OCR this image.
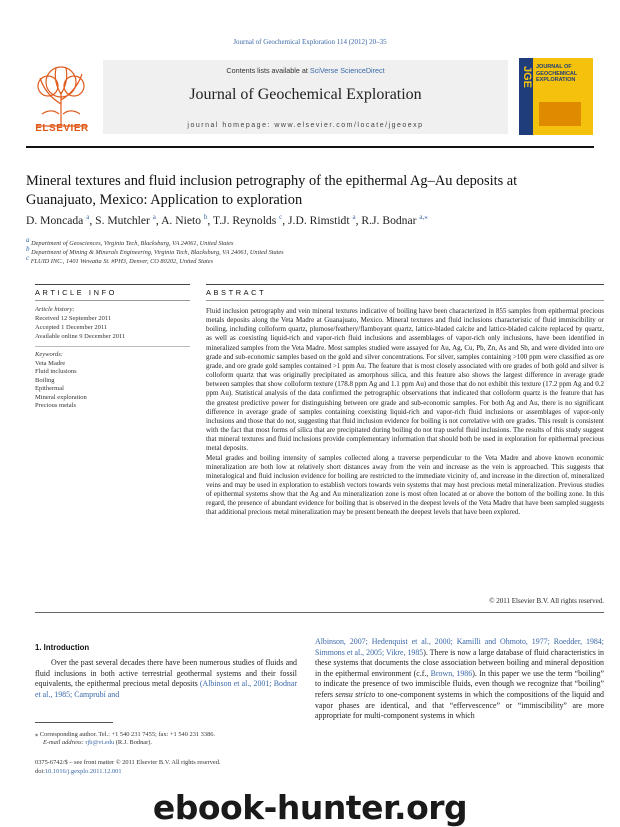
Journal of Geochemical Exploration 114 (2012) 20–35
ELSEVIER
Contents lists available at SciVerse ScienceDirect
Journal of Geochemical Exploration
journal homepage: www.elsevier.com/locate/jgeoexp
JGE JOURNAL OF GEOCHEMICAL EXPLORATION
Mineral textures and fluid inclusion petrography of the epithermal Ag–Au deposits at
Guanajuato, Mexico: Application to exploration
D. Moncada $^a$, S. Mutchler $^a$, A. Nieto $^b$, T.J. Reynolds $^c$, J.D. Rimstidt $^a$, R.J. Bodnar $^{a,⁎}$
$^a$ Department of Geosciences, Virginia Tech, Blacksburg, VA 24061, United States
$^b$ Department of Mining & Minerals Engineering, Virginia Tech, Blacksburg, VA 24061, United States
$^c$ FLUID INC., 1401 Wewatta St. #PH3, Denver, CO 80202, United States
ARTICLE INFO
Article history:
Received 12 September 2011
Accepted 1 December 2011
Available online 9 December 2011
Keywords:
Veta Madre
Fluid inclusions
Boiling
Epithermal
Mineral exploration
Precious metals
ABSTRACT

Fluid inclusion petrography and vein mineral textures indicative of boiling have been characterized in 855 samples from epithermal precious metals deposits along the Veta Madre at Guanajuato, Mexico. Mineral textures and fluid inclusions characteristic of fluid immiscibility or boiling, including colloform quartz, plumose/feathery/flamboyant quartz, lattice-bladed calcite and lattice-bladed calcite replaced by quartz, as well as coexisting liquid-rich and vapor-rich fluid inclusions and assemblages of vapor-rich only inclusions, have been identified in mineralized samples from the Veta Madre. Most samples studied were assayed for Au, Ag, Cu, Pb, Zn, As and Sb, and were divided into ore grade and sub-economic samples based on the gold and silver concentrations. For silver, samples containing >100 ppm were classified as ore grade, and ore grade gold samples contained >1 ppm Au. The feature that is most closely associated with ore grades of both gold and silver is colloform quartz that was originally precipitated as amorphous silica, and this feature also shows the largest difference in average grade between samples that show colloform texture (178.8 ppm Ag and 1.1 ppm Au) and those that do not exhibit this texture (17.2 ppm Ag and 0.2 ppm Au). Statistical analysis of the data confirmed the petrographic observations that indicated that colloform quartz is the feature that has the greatest predictive power for distinguishing between ore grade and sub-economic samples. For both Ag and Au, there is no significant difference in average grade of samples containing coexisting liquid-rich and vapor-rich fluid inclusions or assemblages of vapor-only inclusions and those that do not, suggesting that fluid inclusion evidence for boiling is not correlative with ore grades. This result is consistent with the fact that most forms of silica that are precipitated during boiling do not trap useful fluid inclusions. The results of this study suggest that mineral textures and fluid inclusions provide complementary information that should both be used in exploration for epithermal precious metal deposits.

Metal grades and boiling intensity of samples collected along a traverse perpendicular to the Veta Madre and above known economic mineralization are both low at relatively short distances away from the vein and increase as the vein is approached. This suggests that mineralogical and fluid inclusion evidence for boiling are restricted to the immediate vicinity of, and increase in the direction of, mineralized veins and may be used in exploration to establish vectors towards vein systems that may host precious metal mineralization. Previous studies of epithermal systems show that the Ag and Au mineralization zone is most often located at or above the bottom of the boiling zone. In this regard, the presence of abundant evidence for boiling that is observed in the deepest levels of the Veta Madre that have been sampled suggests that additional precious metal mineralization may be present beneath the deepest levels that have been explored.

© 2011 Elsevier B.V. All rights reserved.
1. Introduction
Over the past several decades there have been numerous studies of fluids and fluid inclusions in both active terrestrial geothermal systems and their fossil equivalents, the epithermal precious metal deposits (Albinson et al., 2001; Bodnar et al., 1985; Camprubí and
Albinson, 2007; Hedenquist et al., 2000; Kamilli and Ohmoto, 1977; Roedder, 1984; Simmons et al., 2005; Vikre, 1985). There is now a large database of fluid characteristics in these systems that documents the close association between boiling and mineral deposition in the epithermal environment (c.f., Brown, 1986). In this paper we use the term “boiling” to indicate the presence of two immiscible fluids, even though we recognize that “boiling” refers sensu stricto to one-component systems in which the compositions of the liquid and vapor phases are identical, and that “effervescence” or “immiscibility” are more appropriate for multi-component systems in which
⁎ Corresponding author. Tel.: +1 540 231 7455; fax: +1 540 231 3386.
E-mail address: rjb@vt.edu (R.J. Bodnar).
0375-6742/$ – see front matter © 2011 Elsevier B.V. All rights reserved.
doi:10.1016/j.gexplo.2011.12.001
ebook-hunter.org
